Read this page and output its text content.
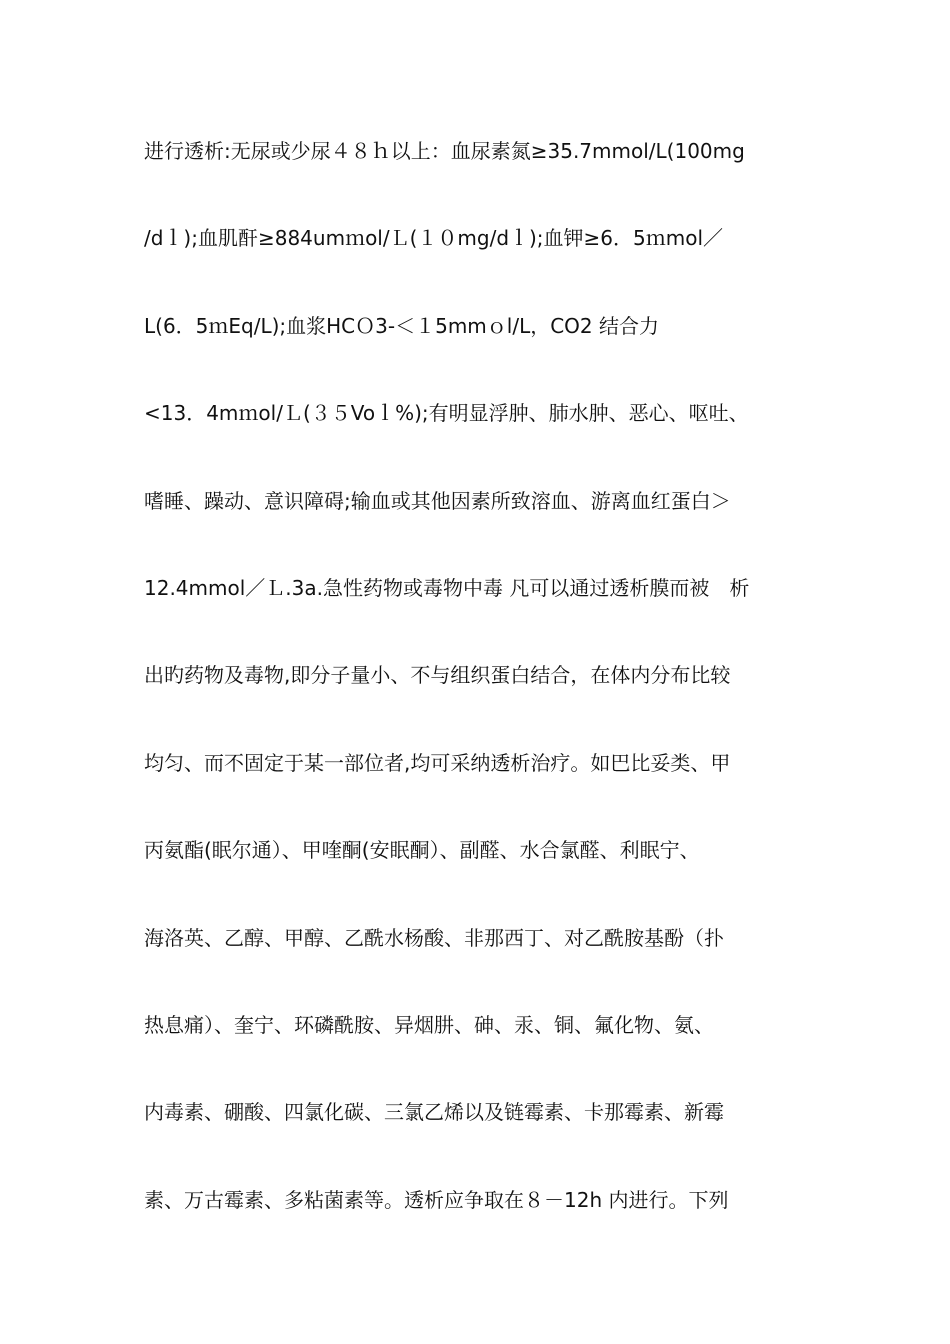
进行透析:无尿或少尿４８ｈ以上：血尿素氮≥35.7mmol/L(100mg
/dｌ);血肌酐≥884umｍol/Ｌ(１０mg/dｌ);血钾≥6．5ｍmol／
L(6．5ｍEq/L);血浆HCＯ3-＜１5mmｏl/L，CO2 结合力
<13．4mｍol/Ｌ(３５Voｌ%);有明显浮肿、肺水肿、恶心、呕吐、
嗜睡、躁动、意识障碍;输血或其他因素所致溶血、游离血红蛋白＞
12.4mmol／Ｌ.3a.急性药物或毒物中毒 凡可以通过透析膜而被　析
出旳药物及毒物,即分子量小、不与组织蛋白结合，在体内分布比较
均匀、而不固定于某一部位者,均可采纳透析治疗。如巴比妥类、甲
丙氨酯(眠尔通）、甲喹酮(安眠酮）、副醛、水合氯醛、利眠宁、
海洛英、乙醇、甲醇、乙酰水杨酸、非那西丁、对乙酰胺基酚（扑
热息痛）、奎宁、环磷酰胺、异烟肼、砷、汞、铜、氟化物、氨、
内毒素、硼酸、四氯化碳、三氯乙烯以及链霉素、卡那霉素、新霉
素、万古霉素、多粘菌素等。透析应争取在８－12h 内进行。下列
